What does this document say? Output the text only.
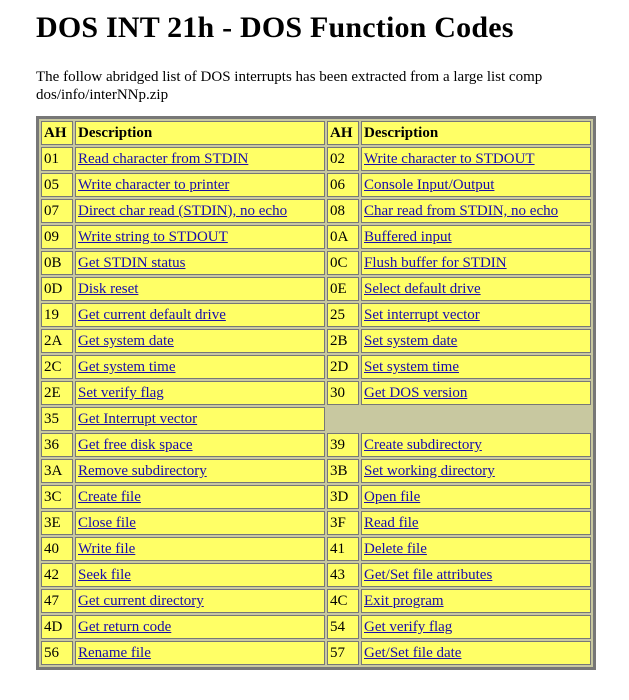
DOS INT 21h - DOS Function Codes

The follow abridged list of DOS interrupts has been extracted from a large list comp
dos/info/interNNp.zip

AH	Description	AH	Description
01	Read character from STDIN	02	Write character to STDOUT
05	Write character to printer	06	Console Input/Output
07	Direct char read (STDIN), no echo	08	Char read from STDIN, no echo
09	Write string to STDOUT	0A	Buffered input
0B	Get STDIN status	0C	Flush buffer for STDIN
0D	Disk reset	0E	Select default drive
19	Get current default drive	25	Set interrupt vector
2A	Get system date	2B	Set system date
2C	Get system time	2D	Set system time
2E	Set verify flag	30	Get DOS version
35	Get Interrupt vector		
36	Get free disk space	39	Create subdirectory
3A	Remove subdirectory	3B	Set working directory
3C	Create file	3D	Open file
3E	Close file	3F	Read file
40	Write file	41	Delete file
42	Seek file	43	Get/Set file attributes
47	Get current directory	4C	Exit program
4D	Get return code	54	Get verify flag
56	Rename file	57	Get/Set file date
